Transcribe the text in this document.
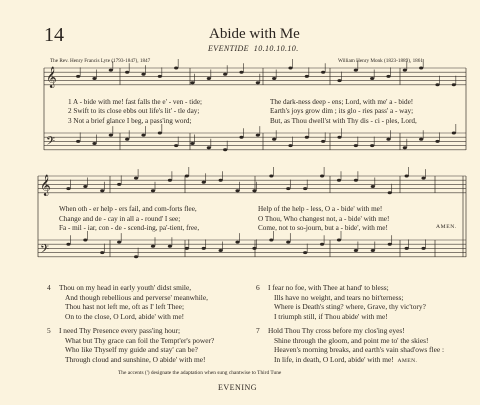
14	Abide with Me
EVENTIDE 10.10.10.10.
The Rev. Henry Francis Lyte (1793-1847), 1847	William Henry Monk (1823-1889), 1861
𝄞
𝄢
𝄞
𝄢
1 A - bide with me! fast falls the e' - ven - tide;
2 Swift to its close ebbs out life's lit' - tle day;
3 Not a brief glance I beg, a pass'ing word;
The dark-ness deep - ens; Lord, with me' a - bide!
Earth's joys grow dim ; its glo - ries pass' a - way;
But, as Thou dwell'st with Thy dis - ci - ples, Lord,
When oth - er help - ers fail, and com-forts flee,
Change and de - cay in all a - round' I see;
Fa - mil - iar, con - de - scend-ing, pa'-tient, free,
Help of the help - less, O a - bide' with me!
O Thou, Who changest not, a - bide' with me!
Come, not to so-journ, but a - bide', with me!	AMEN.
4 Thou on my head in early youth' didst smile,
And though rebellious and perverse' meanwhile,
Thou hast not left me, oft as I' left Thee;
On to the close, O Lord, abide' with me!
5 I need Thy Presence every pass'ing hour;
What but Thy grace can foil the Tempt'er's power?
Who like Thyself my guide and stay' can be?
Through cloud and sunshine, O abide' with me!
6 I fear no foe, with Thee at hand' to bless;
Ills have no weight, and tears no bit'terness;
Where is Death's sting? where, Grave, thy vic'tory?
I triumph still, if Thou abide' with me!
7 Hold Thou Thy cross before my clos'ing eyes!
Shine through the gloom, and point me to' the skies!
Heaven's morning breaks, and earth's vain shad'ows flee :
In life, in death, O Lord, abide' with me! AMEN.
The accents (') designate the adaptation when sung chantwise to Third Tune
EVENING
